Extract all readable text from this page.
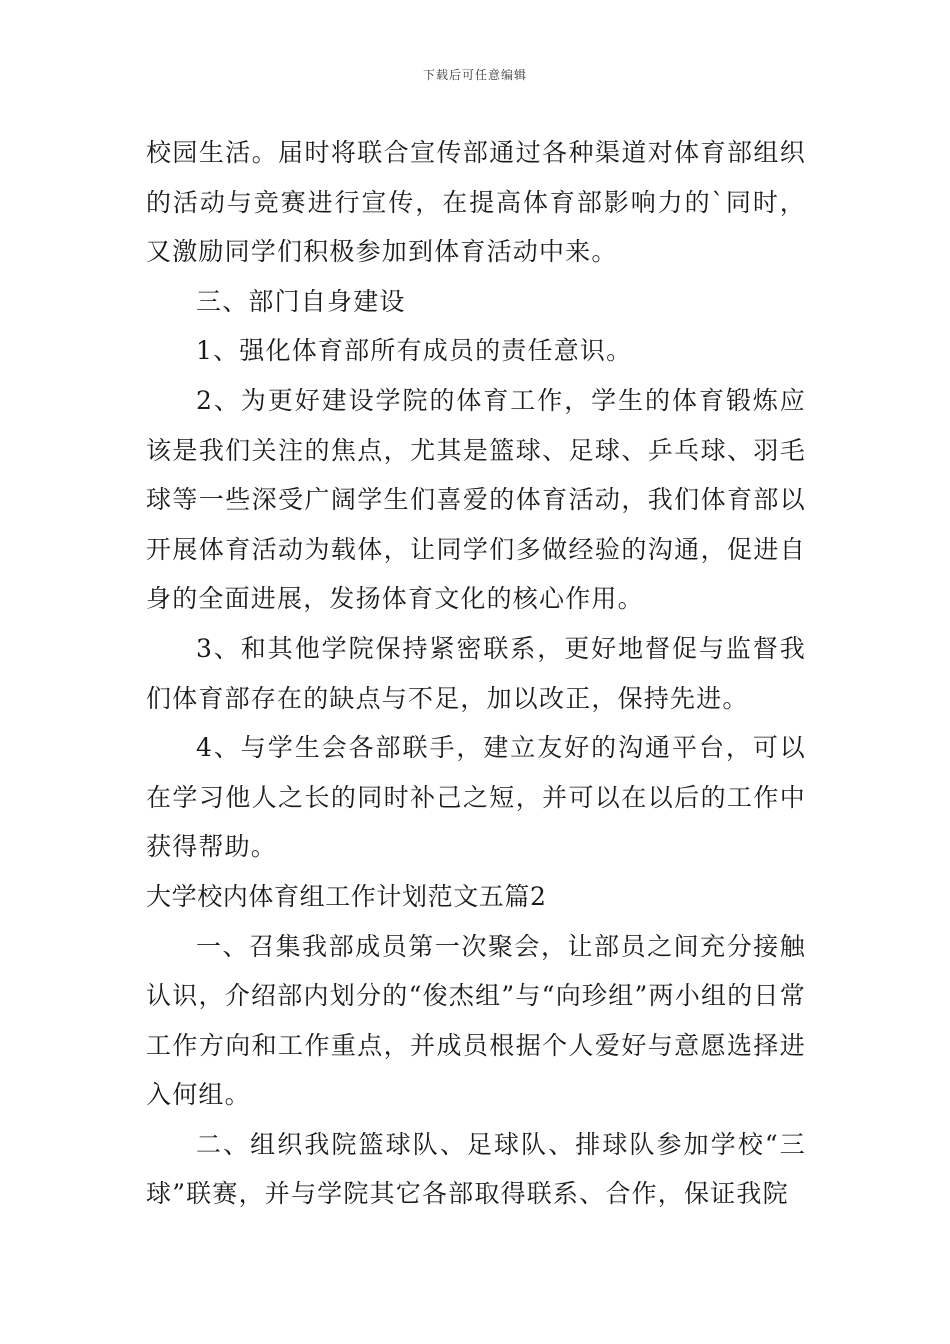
下载后可任意编辑

校园生活。届时将联合宣传部通过各种渠道对体育部组织的活动与竞赛进行宣传，在提高体育部影响力的`同时，又激励同学们积极参加到体育活动中来。

三、部门自身建设

1、强化体育部所有成员的责任意识。

2、为更好建设学院的体育工作，学生的体育锻炼应该是我们关注的焦点，尤其是篮球、足球、乒乓球、羽毛球等一些深受广阔学生们喜爱的体育活动，我们体育部以开展体育活动为载体，让同学们多做经验的沟通，促进自身的全面进展，发扬体育文化的核心作用。

3、和其他学院保持紧密联系，更好地督促与监督我们体育部存在的缺点与不足，加以改正，保持先进。

4、与学生会各部联手，建立友好的沟通平台，可以在学习他人之长的同时补己之短，并可以在以后的工作中获得帮助。

大学校内体育组工作计划范文五篇2

一、召集我部成员第一次聚会，让部员之间充分接触认识，介绍部内划分的“俊杰组”与“向珍组”两小组的日常工作方向和工作重点，并成员根据个人爱好与意愿选择进入何组。

二、组织我院篮球队、足球队、排球队参加学校“三球”联赛，并与学院其它各部取得联系、合作，保证我院
